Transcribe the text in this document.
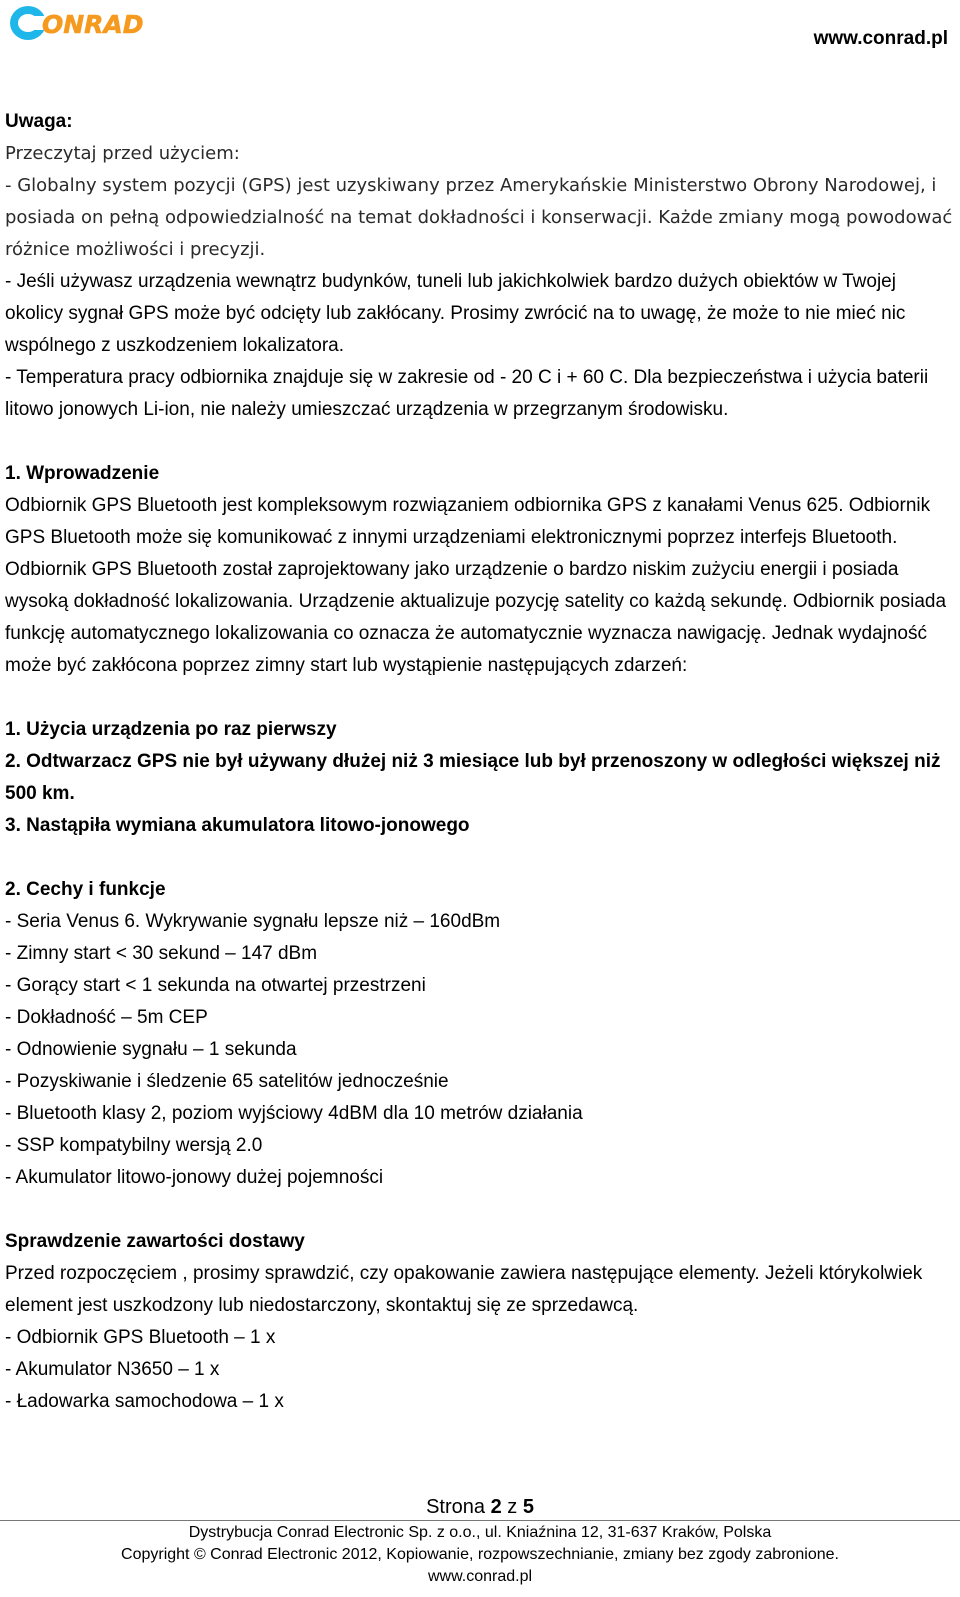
ONRAD	www.conrad.pl

Uwaga:

Przeczytaj przed użyciem:

- Globalny system pozycji (GPS) jest uzyskiwany przez Amerykańskie Ministerstwo Obrony Narodowej, i posiada on pełną odpowiedzialność na temat dokładności i konserwacji. Każde zmiany mogą powodować różnice możliwości i precyzji.

- Jeśli używasz urządzenia wewnątrz budynków, tuneli lub jakichkolwiek bardzo dużych obiektów w Twojej okolicy sygnał GPS może być odcięty lub zakłócany. Prosimy zwrócić na to uwagę, że może to nie mieć nic wspólnego z uszkodzeniem lokalizatora.

- Temperatura pracy odbiornika znajduje się w zakresie od - 20 C i + 60 C. Dla bezpieczeństwa i użycia baterii litowo jonowych Li-ion, nie należy umieszczać urządzenia w przegrzanym środowisku.

1. Wprowadzenie

Odbiornik GPS Bluetooth jest kompleksowym rozwiązaniem odbiornika GPS z kanałami Venus 625. Odbiornik GPS Bluetooth może się komunikować z innymi urządzeniami elektronicznymi poprzez interfejs Bluetooth. Odbiornik GPS Bluetooth został zaprojektowany jako urządzenie o bardzo niskim zużyciu energii i posiada wysoką dokładność lokalizowania. Urządzenie aktualizuje pozycję satelity co każdą sekundę. Odbiornik posiada funkcję automatycznego lokalizowania co oznacza że automatycznie wyznacza nawigację. Jednak wydajność może być zakłócona poprzez zimny start lub wystąpienie następujących zdarzeń:

1. Użycia urządzenia po raz pierwszy

2. Odtwarzacz GPS nie był używany dłużej niż 3 miesiące lub był przenoszony w odległości większej niż 500 km.

3. Nastąpiła wymiana akumulatora litowo-jonowego

2. Cechy i funkcje

- Seria Venus 6. Wykrywanie sygnału lepsze niż – 160dBm

- Zimny start < 30 sekund – 147 dBm

- Gorący start < 1 sekunda na otwartej przestrzeni

- Dokładność – 5m CEP

- Odnowienie sygnału – 1 sekunda

- Pozyskiwanie i śledzenie 65 satelitów jednocześnie

- Bluetooth klasy 2, poziom wyjściowy 4dBM dla 10 metrów działania

- SSP kompatybilny wersją 2.0

- Akumulator litowo-jonowy dużej pojemności

Sprawdzenie zawartości dostawy

Przed rozpoczęciem , prosimy sprawdzić, czy opakowanie zawiera następujące elementy. Jeżeli którykolwiek element jest uszkodzony lub niedostarczony, skontaktuj się ze sprzedawcą.

- Odbiornik GPS Bluetooth – 1 x

- Akumulator N3650 – 1 x

- Ładowarka samochodowa – 1 x

Strona 2 z 5
Dystrybucja Conrad Electronic Sp. z o.o., ul. Kniaźnina 12, 31-637 Kraków, Polska
Copyright © Conrad Electronic 2012, Kopiowanie, rozpowszechnianie, zmiany bez zgody zabronione.
www.conrad.pl
